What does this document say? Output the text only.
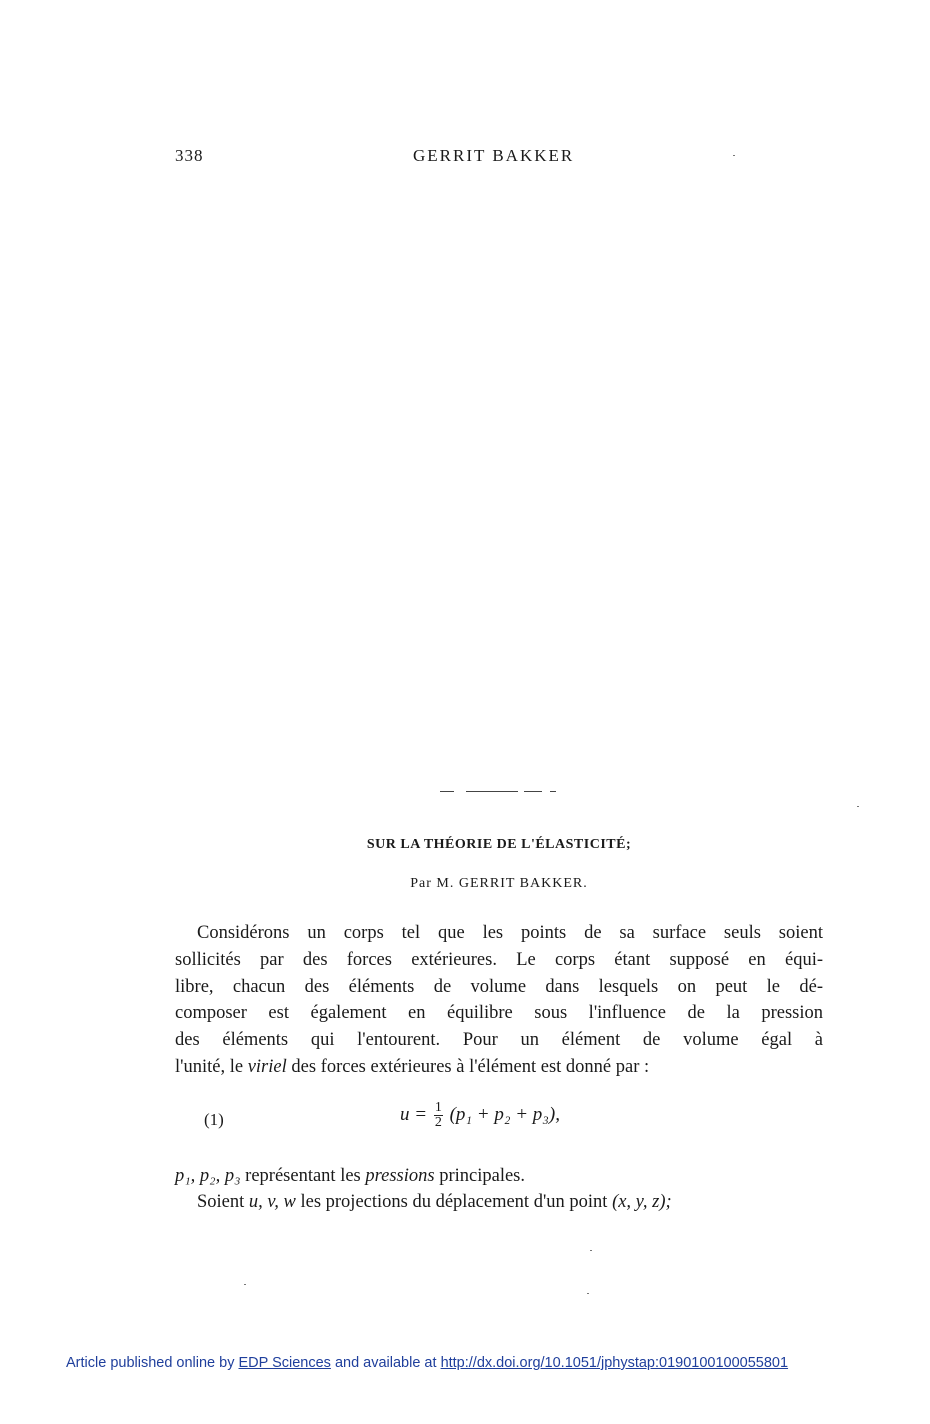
338	GERRIT BAKKER
SUR LA THÉORIE DE L'ÉLASTICITÉ;
Par M. GERRIT BAKKER.
Considérons un corps tel que les points de sa surface seuls soient
sollicités par des forces extérieures. Le corps étant supposé en équi-
libre, chacun des éléments de volume dans lesquels on peut le dé-
composer est également en équilibre sous l'influence de la pression
des éléments qui l'entourent. Pour un élément de volume égal à
l'unité, le viriel des forces extérieures à l'élément est donné par :
(1)	$u = \frac{1}{2} (p_1 + p_2 + p_3)$,
p₁, p₂, p₃ représentant les pressions principales.
Soient u, v, w les projections du déplacement d'un point (x, y, z);
Article published online by EDP Sciences and available at http://dx.doi.org/10.1051/jphystap:0190100100055801
